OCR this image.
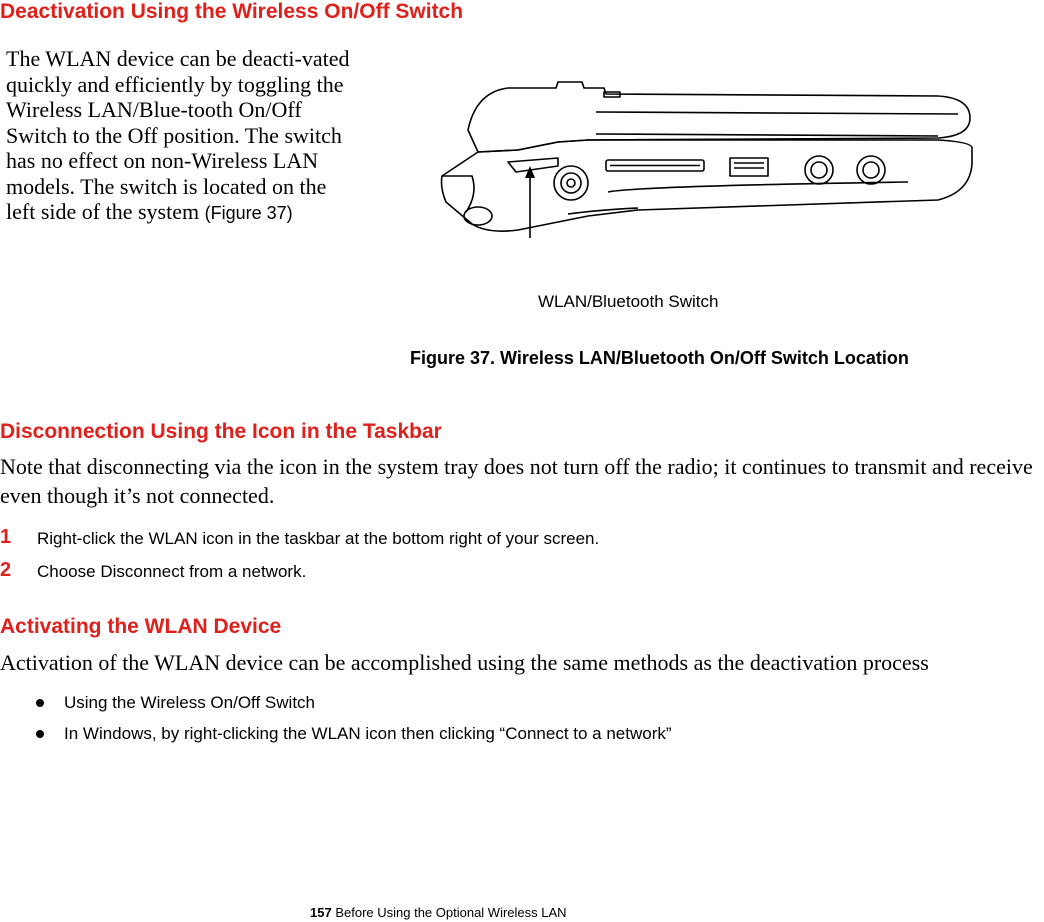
Deactivation Using the Wireless On/Off Switch
The WLAN device can be deacti-vated quickly and efficiently by toggling the Wireless LAN/Blue-tooth On/Off Switch to the Off position. The switch has no effect on non-Wireless LAN models. The switch is located on the left side of the system (Figure 37)
WLAN/Bluetooth Switch
Figure 37. Wireless LAN/Bluetooth On/Off Switch Location
Disconnection Using the Icon in the Taskbar

Note that disconnecting via the icon in the system tray does not turn off the radio; it continues to transmit and receive even though it’s not connected.

1 Right-click the WLAN icon in the taskbar at the bottom right of your screen.
2 Choose Disconnect from a network.
Activating the WLAN Device

Activation of the WLAN device can be accomplished using the same methods as the deactivation process

Using the Wireless On/Off Switch
In Windows, by right-clicking the WLAN icon then clicking “Connect to a network”
157 Before Using the Optional Wireless LAN
